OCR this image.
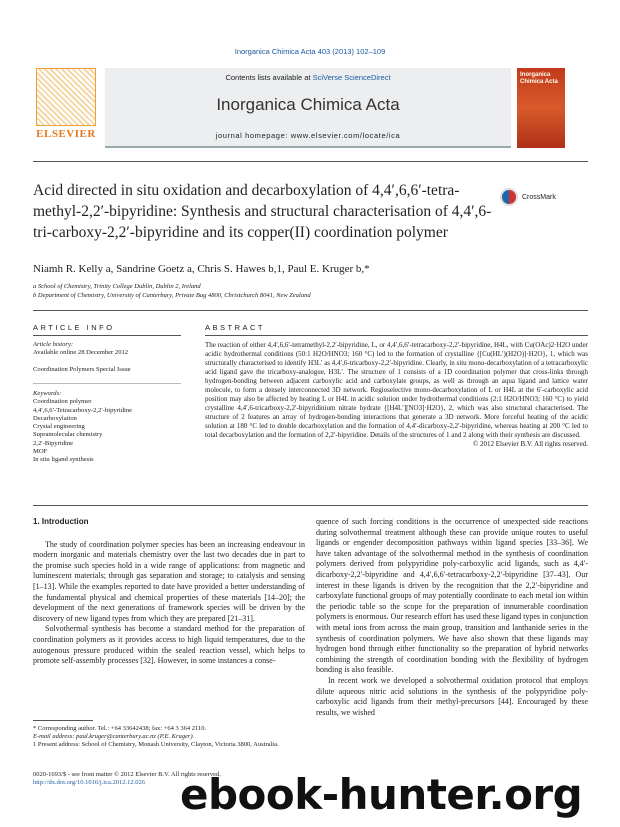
Inorganica Chimica Acta 403 (2013) 102–109
ELSEVIER
Contents lists available at SciVerse ScienceDirect
Inorganica Chimica Acta
journal homepage: www.elsevier.com/locate/ica
Inorganica Chimica Acta
Acid directed in situ oxidation and decarboxylation of 4,4′,6,6′-tetra-methyl-2,2′-bipyridine: Synthesis and structural characterisation of 4,4′,6-tri-carboxy-2,2′-bipyridine and its copper(II) coordination polymer
CrossMark
Niamh R. Kelly a, Sandrine Goetz a, Chris S. Hawes b,1, Paul E. Kruger b,*
a School of Chemistry, Trinity College Dublin, Dublin 2, Ireland
b Department of Chemistry, University of Canterbury, Private Bag 4800, Christchurch 8041, New Zealand
ARTICLE INFO	ABSTRACT
Article history:
Available online 28 December 2012
Coordination Polymers Special Issue
Keywords:
Coordination polymer
4,4′,6,6′-Tetracarboxy-2,2′-bipyridine
Decarboxylation
Crystal engineering
Supramolecular chemistry
2,2′-Bipyridine
MOF
In situ ligand synthesis
The reaction of either 4,4′,6,6′-tetramethyl-2,2′-bipyridine, L, or 4,4′,6,6′-tetracarboxy-2,2′-bipyridine, H4L, with Cu(OAc)2·H2O under acidic hydrothermal conditions (50:1 H2O/HNO3; 160 °C) led to the formation of crystalline {[Cu(HL′)(H2O)]·H2O}, 1, which was structurally characterised to identify H3L′ as 4,4′,6-tricarboxy-2,2′-bipyridine. Clearly, in situ mono-decarboxylation of a tetracarboxylic acid ligand gave the tricarboxy-analogue, H3L′. The structure of 1 consists of a 1D coordination polymer that cross-links through hydrogen-bonding between adjacent carboxylic acid and carboxylate groups, as well as through an aqua ligand and lattice water molecule, to form a densely interconnected 3D network. Regioselective mono-decarboxylation of L or H4L at the 6′-carboxylic acid position may also be affected by heating L or H4L in acidic solution under hydrothermal conditions (2:1 H2O/HNO3; 160 °C) to yield crystalline 4,4′,6-tricarboxy-2,2′-bipyridinium nitrate hydrate {[H4L′][NO3]·H2O}, 2, which was also structural characterised. The structure of 2 features an array of hydrogen-bonding interactions that generate a 3D network. More forceful heating of the acidic solution at 180 °C led to double decarboxylation and the formation of 4,4′-dicarboxy-2,2′-bipyridine, whereas heating at 200 °C led to total decarboxylation and the formation of 2,2′-bipyridine. Details of the structures of 1 and 2 along with their synthesis are discussed.
© 2012 Elsevier B.V. All rights reserved.
1. Introduction

The study of coordination polymer species has been an increasing endeavour in modern inorganic and materials chemistry over the last two decades due in part to the promise such species hold in a wide range of applications: from magnetic and luminescent materials; through gas separation and storage; to catalysis and sensing [1–13]. While the examples reported to date have provided a better understanding of the fundamental physical and chemical properties of these materials [14–20]; the development of the next generations of framework species will be driven by the discovery of new ligand types from which they are prepared [21–31].

Solvothermal synthesis has become a standard method for the preparation of coordination polymers as it provides access to high liquid temperatures, due to the autogenous pressure produced within the sealed reaction vessel, which helps to promote self-assembly processes [32]. However, in some instances a conse-

quence of such forcing conditions is the occurrence of unexpected side reactions during solvothermal treatment although these can provide unique routes to useful ligands or engender decomposition pathways within ligand species [33–36]. We have taken advantage of the solvothermal method in the synthesis of coordination polymers derived from polypyridine poly-carboxylic acid ligands, such as 4,4′-dicarboxy-2,2′-bipyridine and 4,4′,6,6′-tetracarboxy-2,2′-bipyridine [37–43]. Our interest in these ligands is driven by the recognition that the 2,2′-bipyridine and carboxylate functional groups of may potentially coordinate to each metal ion within the periodic table so the scope for the preparation of innumerable coordination polymers is enormous. Our research effort has used these ligand types in conjunction with metal ions from across the main group, transition and lanthanide series in the synthesis of coordination polymers. We have also shown that these ligands may hydrogen bond through either functionality so the preparation of hybrid networks combining the strength of coordination bonding with the flexibility of hydrogen bonding is also feasible.

In recent work we developed a solvothermal oxidation protocol that employs dilute aqueous nitric acid solutions in the synthesis of the polypyridine poly-carboxylic acid ligands from their methyl-precursors [44]. Encouraged by these results, we wished

* Corresponding author. Tel.: +64 33642438; fax: +64 3 364 2110.
E-mail address: paul.kruger@canterbury.ac.nz (P.E. Kruger).
1 Present address: School of Chemistry, Monash University, Clayton, Victoria 3800, Australia.
0020-1693/$ - see front matter © 2012 Elsevier B.V. All rights reserved.
http://dx.doi.org/10.1016/j.ica.2012.12.026 ebook-hunter.org
